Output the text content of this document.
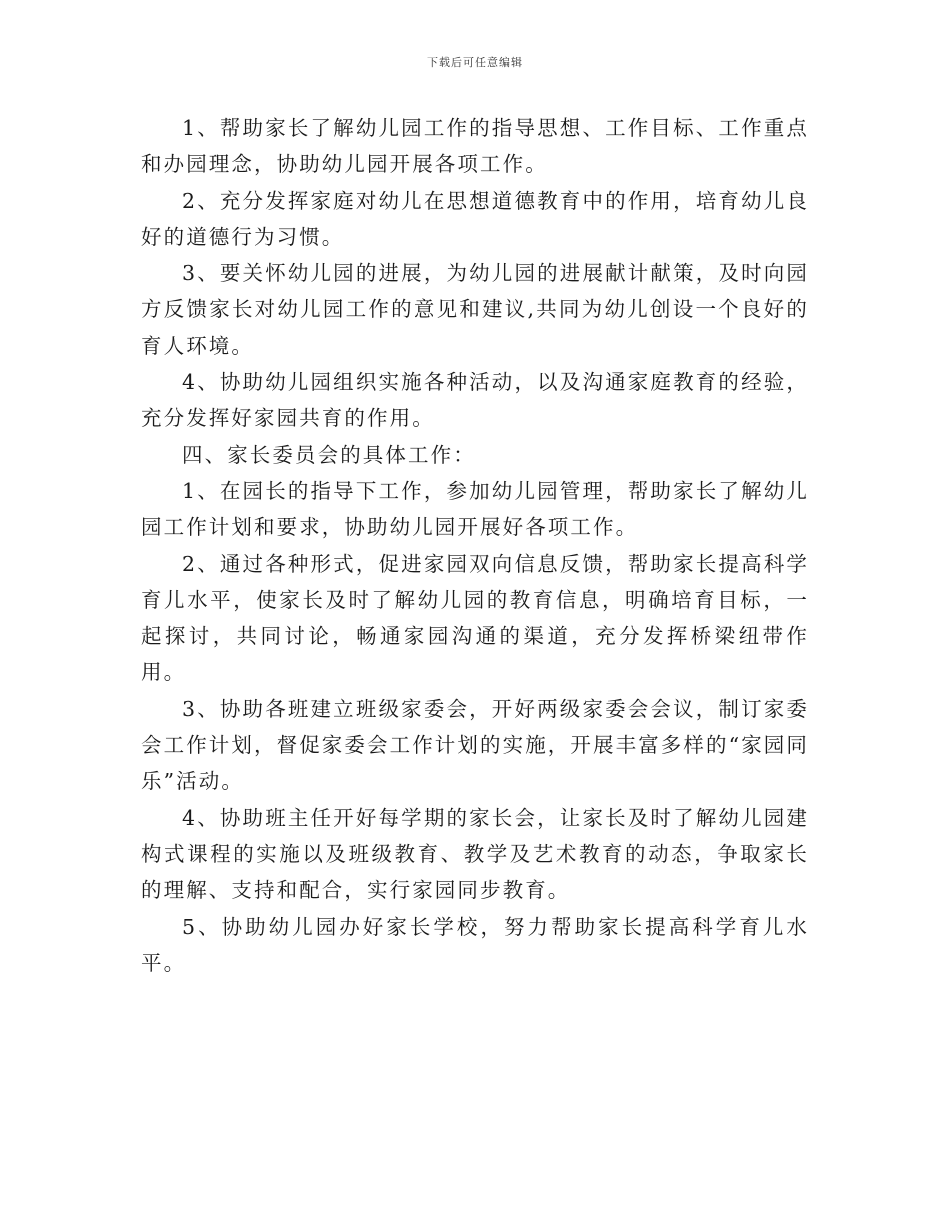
下载后可任意编辑

1、帮助家长了解幼儿园工作的指导思想、工作目标、工作重点和办园理念，协助幼儿园开展各项工作。

2、充分发挥家庭对幼儿在思想道德教育中的作用，培育幼儿良好的道德行为习惯。

3、要关怀幼儿园的进展，为幼儿园的进展献计献策，及时向园方反馈家长对幼儿园工作的意见和建议,共同为幼儿创设一个良好的育人环境。

4、协助幼儿园组织实施各种活动，以及沟通家庭教育的经验，充分发挥好家园共育的作用。

四、家长委员会的具体工作：

1、在园长的指导下工作，参加幼儿园管理，帮助家长了解幼儿园工作计划和要求，协助幼儿园开展好各项工作。

2、通过各种形式，促进家园双向信息反馈，帮助家长提高科学育儿水平，使家长及时了解幼儿园的教育信息，明确培育目标，一起探讨，共同讨论，畅通家园沟通的渠道，充分发挥桥梁纽带作用。

3、协助各班建立班级家委会，开好两级家委会会议，制订家委会工作计划，督促家委会工作计划的实施，开展丰富多样的“家园同乐”活动。

4、协助班主任开好每学期的家长会，让家长及时了解幼儿园建构式课程的实施以及班级教育、教学及艺术教育的动态，争取家长的理解、支持和配合，实行家园同步教育。

5、协助幼儿园办好家长学校，努力帮助家长提高科学育儿水平。
